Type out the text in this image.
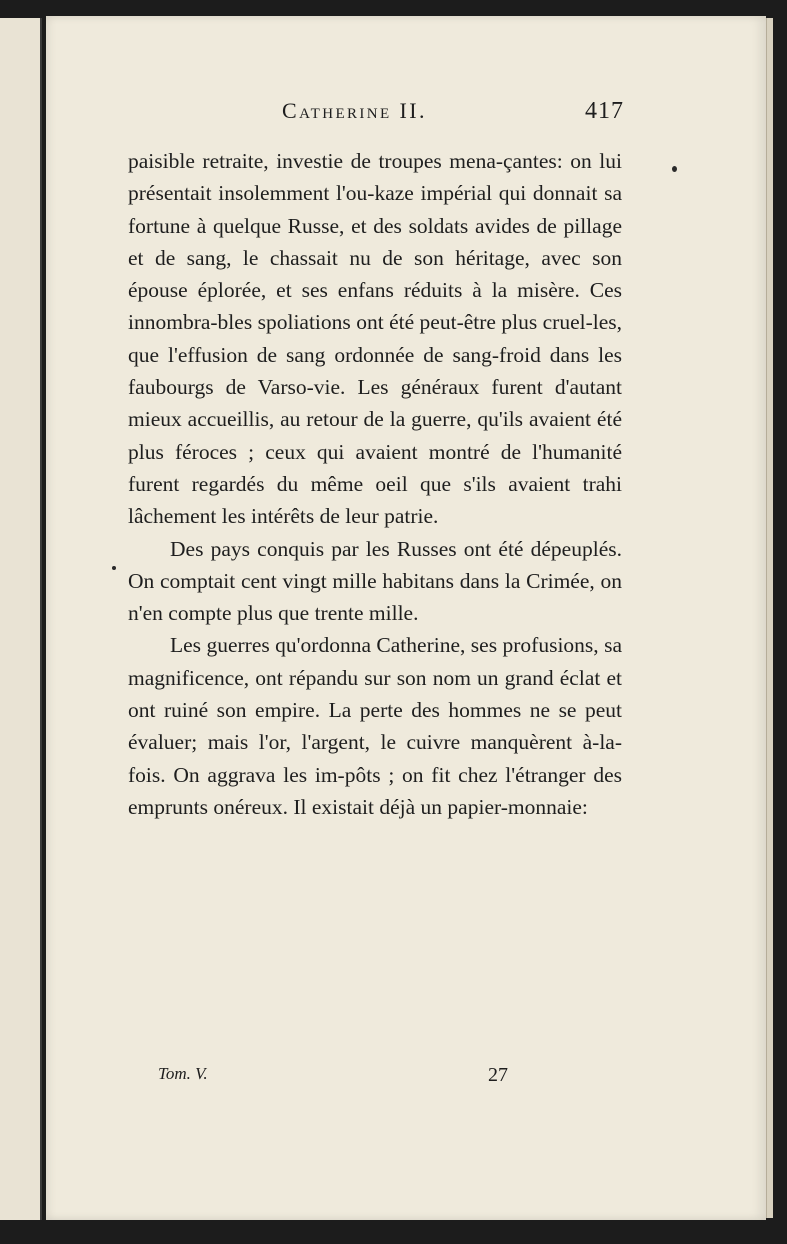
Catherine II.	417

paisible retraite, investie de troupes mena-çantes: on lui présentait insolemment l'ou-kaze impérial qui donnait sa fortune à quelque Russe, et des soldats avides de pillage et de sang, le chassait nu de son héritage, avec son épouse éplorée, et ses enfans réduits à la misère. Ces innombra-bles spoliations ont été peut-être plus cruel-les, que l'effusion de sang ordonnée de sang-froid dans les faubourgs de Varso-vie. Les généraux furent d'autant mieux accueillis, au retour de la guerre, qu'ils avaient été plus féroces ; ceux qui avaient montré de l'humanité furent regardés du même oeil que s'ils avaient trahi lâchement les intérêts de leur patrie.

Des pays conquis par les Russes ont été dépeuplés. On comptait cent vingt mille habitans dans la Crimée, on n'en compte plus que trente mille.

Les guerres qu'ordonna Catherine, ses profusions, sa magnificence, ont répandu sur son nom un grand éclat et ont ruiné son empire. La perte des hommes ne se peut évaluer; mais l'or, l'argent, le cuivre manquèrent à-la-fois. On aggrava les im-pôts ; on fit chez l'étranger des emprunts onéreux. Il existait déjà un papier-monnaie:

Tom. V.	27
